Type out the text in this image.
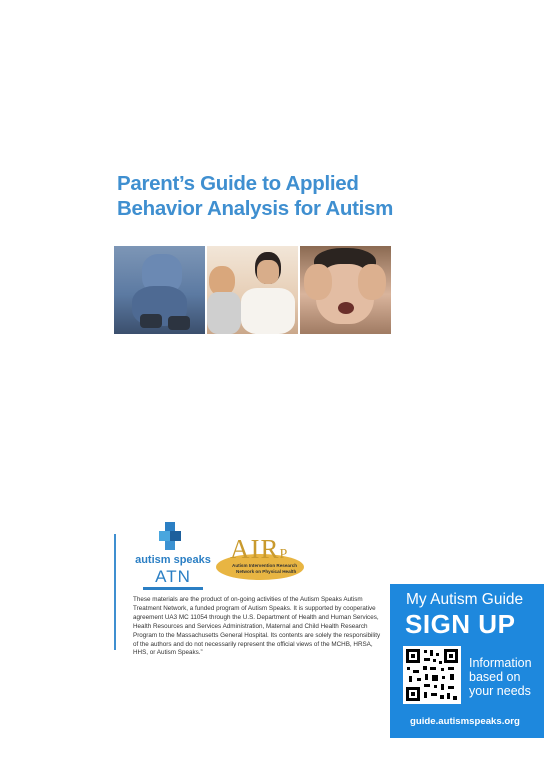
Parent’s Guide to Applied
Behavior Analysis for Autism
autism speaks
ATN
AIRP
Autism Intervention Research
Network on Physical Health
These materials are the product of on-going activities of the Autism Speaks Autism Treatment Network, a funded program of Autism Speaks. It is supported by cooperative agreement UA3 MC 11054 through the U.S. Department of Health and Human Services, Health Resources and Services Administration, Maternal and Child Health Research Program to the Massachusetts General Hospital. Its contents are solely the responsibility of the authors and do not necessarily represent the official views of the MCHB, HRSA, HHS, or Autism Speaks.”
My Autism Guide
SIGN UP
Information
based on
your needs
guide.autismspeaks.org
